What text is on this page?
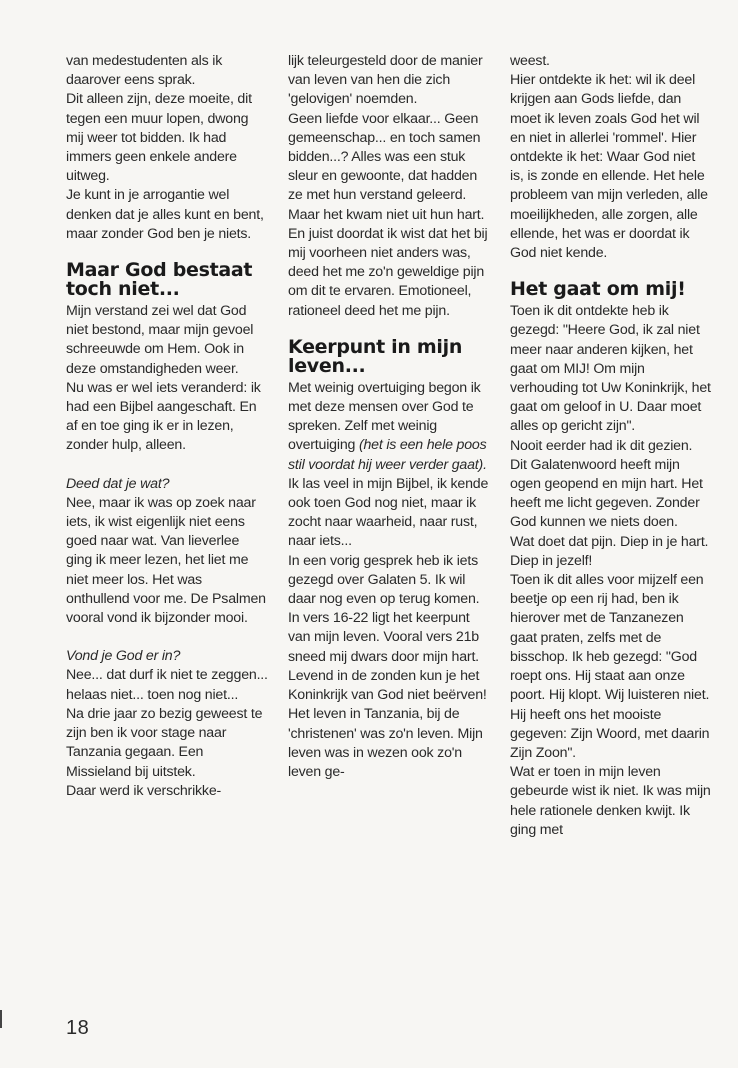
van medestudenten als ik daarover eens sprak.

Dit alleen zijn, deze moeite, dit tegen een muur lopen, dwong mij weer tot bidden. Ik had immers geen enkele andere uitweg.

Je kunt in je arrogantie wel denken dat je alles kunt en bent, maar zonder God ben je niets.

Maar God bestaat toch niet...

Mijn verstand zei wel dat God niet bestond, maar mijn gevoel schreeuwde om Hem. Ook in deze omstandigheden weer.

Nu was er wel iets veranderd: ik had een Bijbel aangeschaft. En af en toe ging ik er in lezen, zonder hulp, alleen.

Deed dat je wat?

Nee, maar ik was op zoek naar iets, ik wist eigenlijk niet eens goed naar wat. Van lieverlee ging ik meer lezen, het liet me niet meer los. Het was onthullend voor me. De Psalmen vooral vond ik bijzonder mooi.

Vond je God er in?

Nee... dat durf ik niet te zeggen... helaas niet... toen nog niet...

Na drie jaar zo bezig geweest te zijn ben ik voor stage naar Tanzania gegaan. Een Missieland bij uitstek.

Daar werd ik verschrikke-

lijk teleurgesteld door de manier van leven van hen die zich 'gelovigen' noemden.

Geen liefde voor elkaar... Geen gemeenschap... en toch samen bidden...? Alles was een stuk sleur en gewoonte, dat hadden ze met hun verstand geleerd.

Maar het kwam niet uit hun hart. En juist doordat ik wist dat het bij mij voorheen niet anders was, deed het me zo'n geweldige pijn om dit te ervaren. Emotioneel, rationeel deed het me pijn.

Keerpunt in mijn leven...

Met weinig overtuiging begon ik met deze mensen over God te spreken. Zelf met weinig overtuiging (het is een hele poos stil voordat hij weer verder gaat).

Ik las veel in mijn Bijbel, ik kende ook toen God nog niet, maar ik zocht naar waarheid, naar rust, naar iets...

In een vorig gesprek heb ik iets gezegd over Galaten 5. Ik wil daar nog even op terug komen. In vers 16-22 ligt het keerpunt van mijn leven. Vooral vers 21b sneed mij dwars door mijn hart. Levend in de zonden kun je het Koninkrijk van God niet beërven!

Het leven in Tanzania, bij de 'christenen' was zo'n leven. Mijn leven was in wezen ook zo'n leven ge-

weest.

Hier ontdekte ik het: wil ik deel krijgen aan Gods liefde, dan moet ik leven zoals God het wil en niet in allerlei 'rommel'. Hier ontdekte ik het: Waar God niet is, is zonde en ellende. Het hele probleem van mijn verleden, alle moeilijkheden, alle zorgen, alle ellende, het was er doordat ik God niet kende.

Het gaat om mij!

Toen ik dit ontdekte heb ik gezegd: "Heere God, ik zal niet meer naar anderen kijken, het gaat om MIJ! Om mijn verhouding tot Uw Koninkrijk, het gaat om geloof in U. Daar moet alles op gericht zijn".

Nooit eerder had ik dit gezien. Dit Galatenwoord heeft mijn ogen geopend en mijn hart. Het heeft me licht gegeven. Zonder God kunnen we niets doen.

Wat doet dat pijn. Diep in je hart. Diep in jezelf!

Toen ik dit alles voor mijzelf een beetje op een rij had, ben ik hierover met de Tanzanezen gaat praten, zelfs met de bisschop. Ik heb gezegd: "God roept ons. Hij staat aan onze poort. Hij klopt. Wij luisteren niet. Hij heeft ons het mooiste gegeven: Zijn Woord, met daarin Zijn Zoon".

Wat er toen in mijn leven gebeurde wist ik niet. Ik was mijn hele rationele denken kwijt. Ik ging met

18
